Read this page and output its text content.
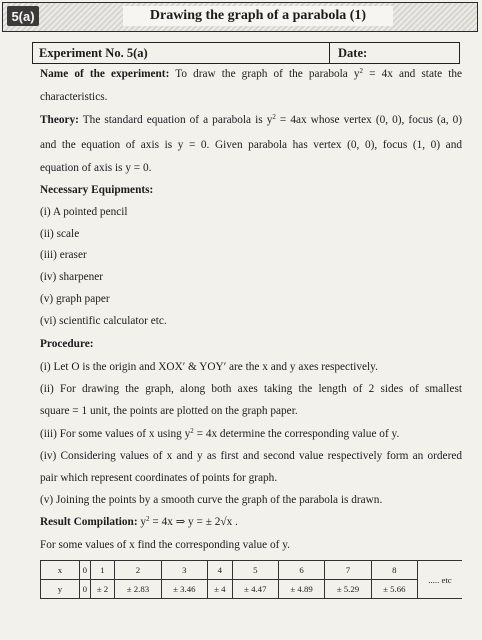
5(a)	Drawing the graph of a parabola (1)
Experiment No. 5(a)	Date:
Name of the experiment: To draw the graph of the parabola $y^2 = 4x$ and state the
characteristics.
Theory: The standard equation of a parabola is $y^2 = 4ax$ whose vertex (0, 0), focus (a, 0)
and the equation of axis is y = 0. Given parabola has vertex (0, 0), focus (1, 0) and
equation of axis is y = 0.
Necessary Equipments:
(i) A pointed pencil
(ii) scale
(iii) eraser
(iv) sharpener
(v) graph paper
(vi) scientific calculator etc.
Procedure:
(i) Let O is the origin and XOX′ & YOY′ are the x and y axes respectively.
(ii) For drawing the graph, along both axes taking the length of 2 sides of smallest
square = 1 unit, the points are plotted on the graph paper.
(iii) For some values of x using $y^2 = 4x$ determine the corresponding value of y.
(iv) Considering values of x and y as first and second value respectively form an ordered
pair which represent coordinates of points for graph.
(v) Joining the points by a smooth curve the graph of the parabola is drawn.
Result Compilation: $y^2 = 4x$ ⇒ y = ± 2√x .
For some values of x find the corresponding value of y.
x	0	1	2	3	4	5	6	7	8	..... etc
y	0	± 2	± 2.83	± 3.46	± 4	± 4.47	± 4.89	± 5.29	± 5.66	
